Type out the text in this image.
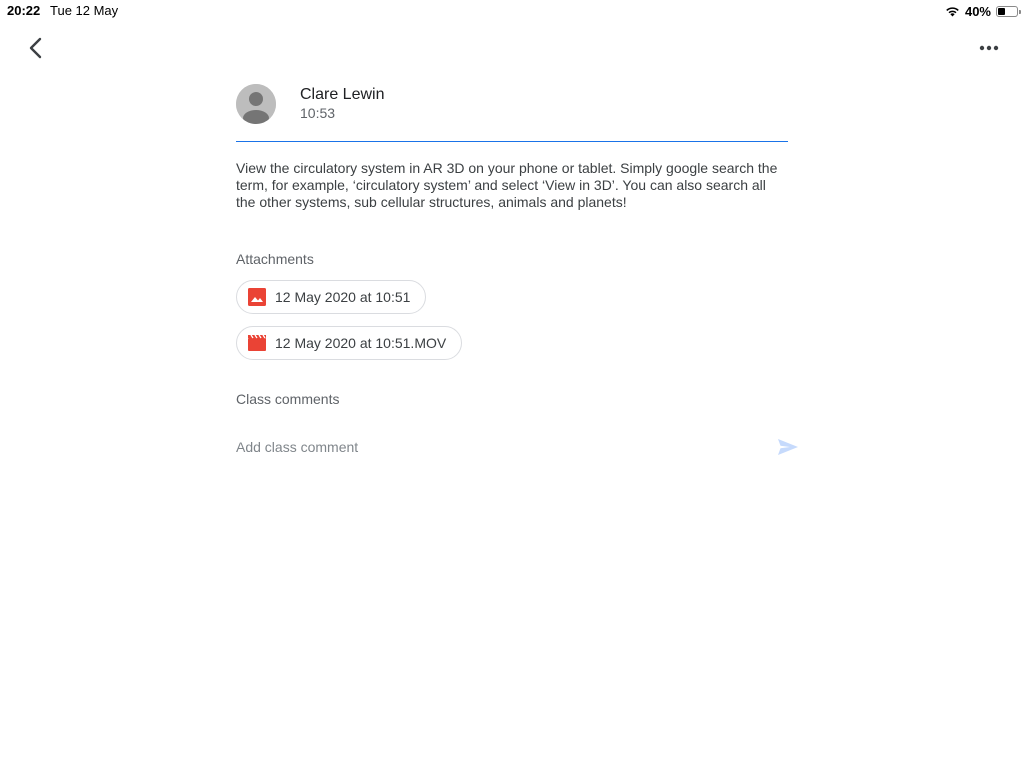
20:22 Tue 12 May	40%
Clare Lewin
10:53
View the circulatory system in AR 3D on your phone or tablet. Simply google search the term, for example, ‘circulatory system’ and select ‘View in 3D’. You can also search all the other systems, sub cellular structures, animals and planets!
Attachments
12 May 2020 at 10:51
12 May 2020 at 10:51.MOV
Class comments
Add class comment
